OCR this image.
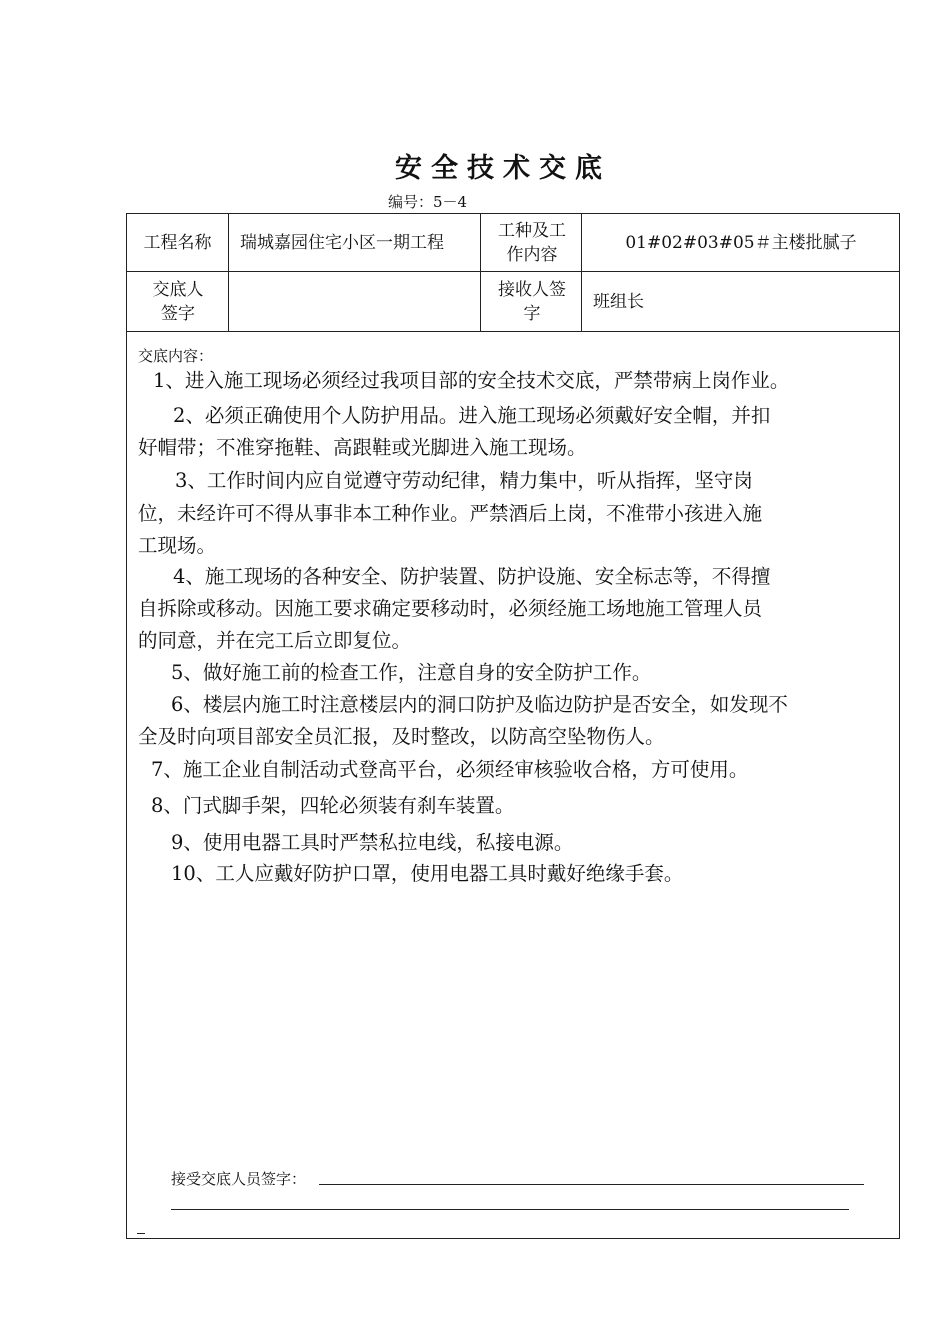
安全技术交底
编号：5－4
工程名称	瑞城嘉园住宅小区一期工程
工种及工作内容
01#02#03#05＃主楼批腻子
交底人签字
接收人签字
班组长
交底内容：
1、进入施工现场必须经过我项目部的安全技术交底，严禁带病上岗作业。
2、必须正确使用个人防护用品。进入施工现场必须戴好安全帽，并扣
好帽带；不准穿拖鞋、高跟鞋或光脚进入施工现场。
3、工作时间内应自觉遵守劳动纪律，精力集中，听从指挥，坚守岗
位，未经许可不得从事非本工种作业。严禁酒后上岗，不准带小孩进入施
工现场。
4、施工现场的各种安全、防护装置、防护设施、安全标志等，不得擅
自拆除或移动。因施工要求确定要移动时，必须经施工场地施工管理人员
的同意，并在完工后立即复位。
5、做好施工前的检查工作，注意自身的安全防护工作。
6、楼层内施工时注意楼层内的洞口防护及临边防护是否安全，如发现不
全及时向项目部安全员汇报，及时整改，以防高空坠物伤人。
7、施工企业自制活动式登高平台，必须经审核验收合格，方可使用。
8、门式脚手架，四轮必须装有刹车装置。
9、使用电器工具时严禁私拉电线，私接电源。
10、工人应戴好防护口罩，使用电器工具时戴好绝缘手套。
接受交底人员签字：
